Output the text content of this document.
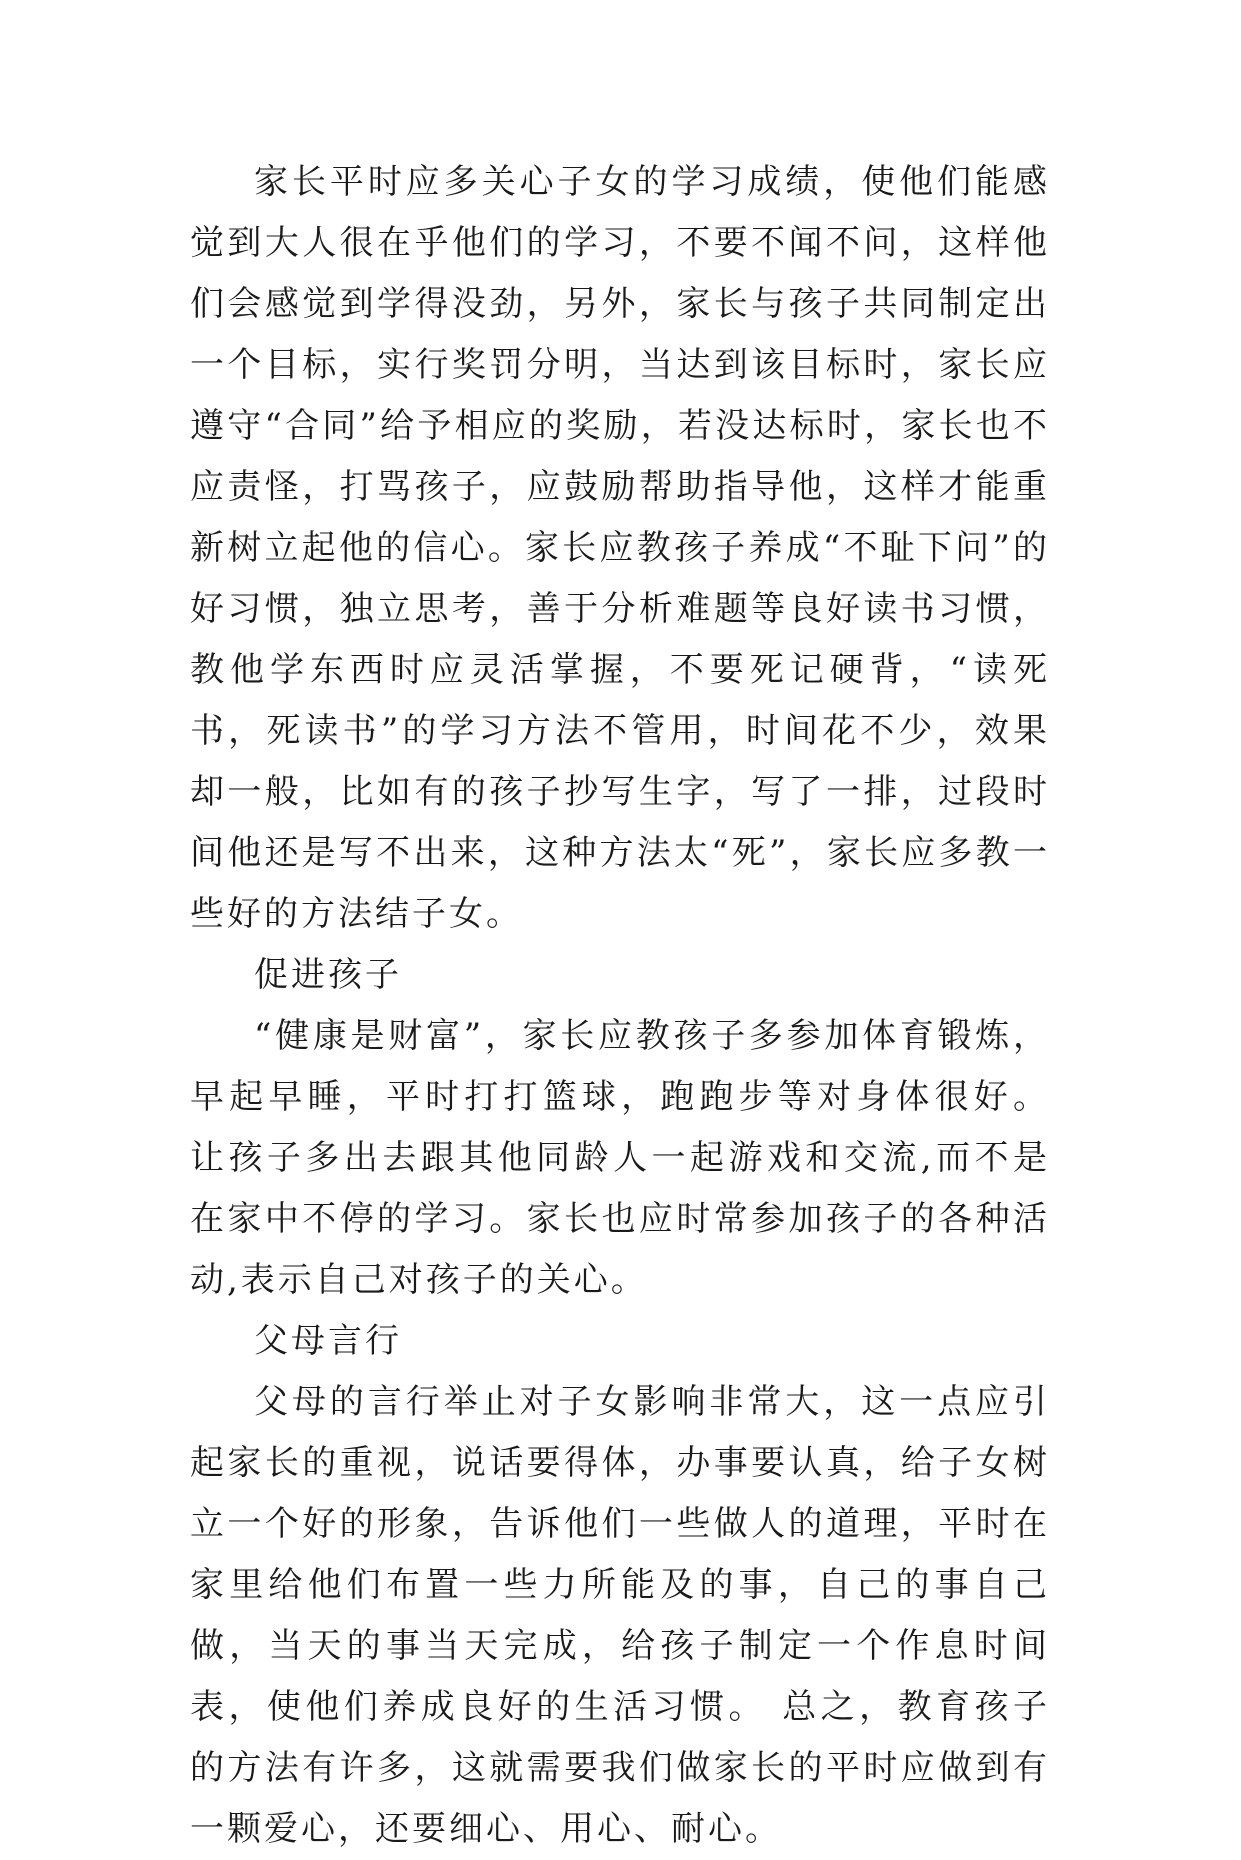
家长平时应多关心子女的学习成绩，使他们能感觉到大人很在乎他们的学习，不要不闻不问，这样他们会感觉到学得没劲，另外，家长与孩子共同制定出一个目标，实行奖罚分明，当达到该目标时，家长应遵守“合同”给予相应的奖励，若没达标时，家长也不应责怪，打骂孩子，应鼓励帮助指导他，这样才能重新树立起他的信心。家长应教孩子养成“不耻下问”的好习惯，独立思考，善于分析难题等良好读书习惯，教他学东西时应灵活掌握，不要死记硬背，“读死书，死读书”的学习方法不管用，时间花不少，效果却一般，比如有的孩子抄写生字，写了一排，过段时间他还是写不出来，这种方法太“死”，家长应多教一些好的方法结子女。

促进孩子

“健康是财富”，家长应教孩子多参加体育锻炼，早起早睡，平时打打篮球，跑跑步等对身体很好。 让孩子多出去跟其他同龄人一起游戏和交流,而不是在家中不停的学习。家长也应时常参加孩子的各种活动,表示自己对孩子的关心。

父母言行

父母的言行举止对子女影响非常大，这一点应引起家长的重视，说话要得体，办事要认真，给子女树立一个好的形象，告诉他们一些做人的道理，平时在家里给他们布置一些力所能及的事，自己的事自己做，当天的事当天完成，给孩子制定一个作息时间表，使他们养成良好的生活习惯。 总之，教育孩子的方法有许多，这就需要我们做家长的平时应做到有一颗爱心，还要细心、用心、耐心。
